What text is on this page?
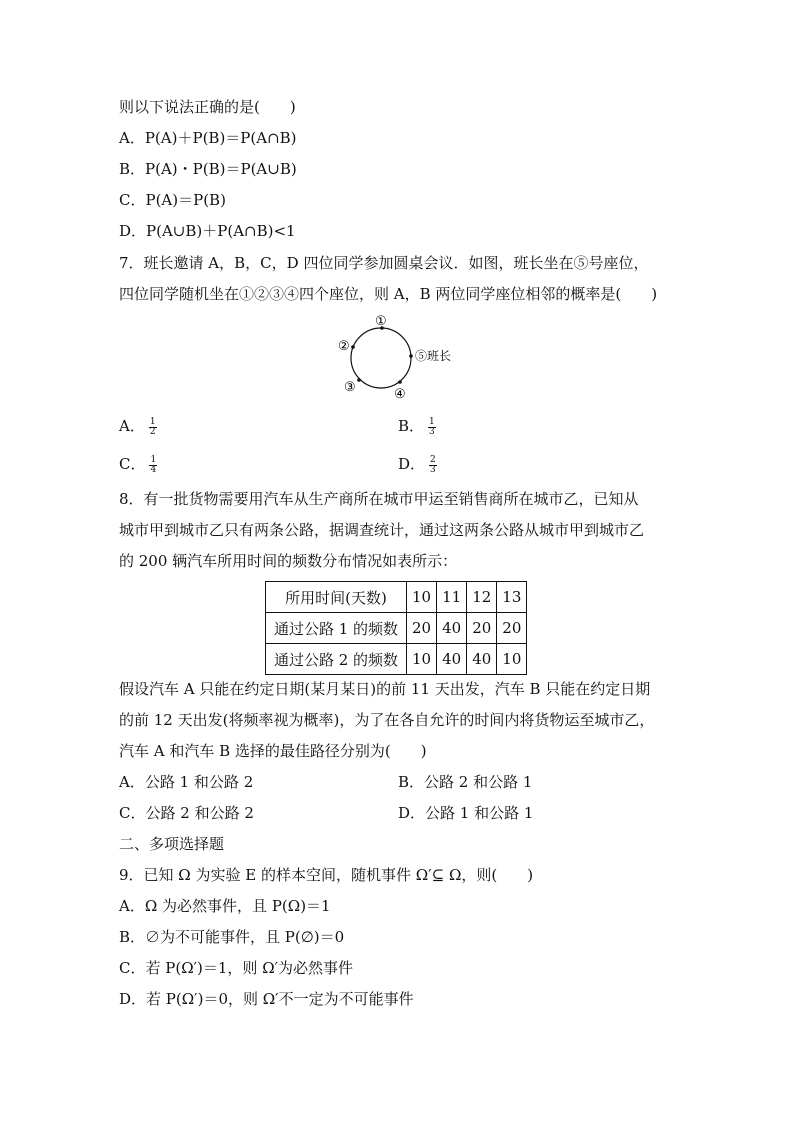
则以下说法正确的是(　　)
A．P(A)＋P(B)＝P(A∩B)
B．P(A)・P(B)＝P(A∪B)
C．P(A)＝P(B)
D．P(A∪B)＋P(A∩B)<1
7．班长邀请 A，B，C，D 四位同学参加圆桌会议．如图，班长坐在⑤号座位，
四位同学随机坐在①②③④四个座位，则 A，B 两位同学座位相邻的概率是(　　)
①
②
③	④
⑤班长
A． $\frac{1}{2}$	B． $\frac{1}{3}$
C． $\frac{1}{4}$	D． $\frac{2}{3}$
8．有一批货物需要用汽车从生产商所在城市甲运至销售商所在城市乙，已知从
城市甲到城市乙只有两条公路，据调查统计，通过这两条公路从城市甲到城市乙
的 200 辆汽车所用时间的频数分布情况如表所示：
所用时间(天数)	10	11	12	13
通过公路 1 的频数	20	40	20	20
通过公路 2 的频数	10	40	40	10
假设汽车 A 只能在约定日期(某月某日)的前 11 天出发，汽车 B 只能在约定日期
的前 12 天出发(将频率视为概率)，为了在各自允许的时间内将货物运至城市乙，
汽车 A 和汽车 B 选择的最佳路径分别为(　　)
A．公路 1 和公路 2	B．公路 2 和公路 1
C．公路 2 和公路 2	D．公路 1 和公路 1
二、多项选择题
9．已知 Ω 为实验 E 的样本空间，随机事件 Ω′⊆ Ω，则(　　)
A．Ω 为必然事件，且 P(Ω)＝1
B．∅为不可能事件，且 P(∅)＝0
C．若 P(Ω′)＝1，则 Ω′为必然事件
D．若 P(Ω′)＝0，则 Ω′不一定为不可能事件
